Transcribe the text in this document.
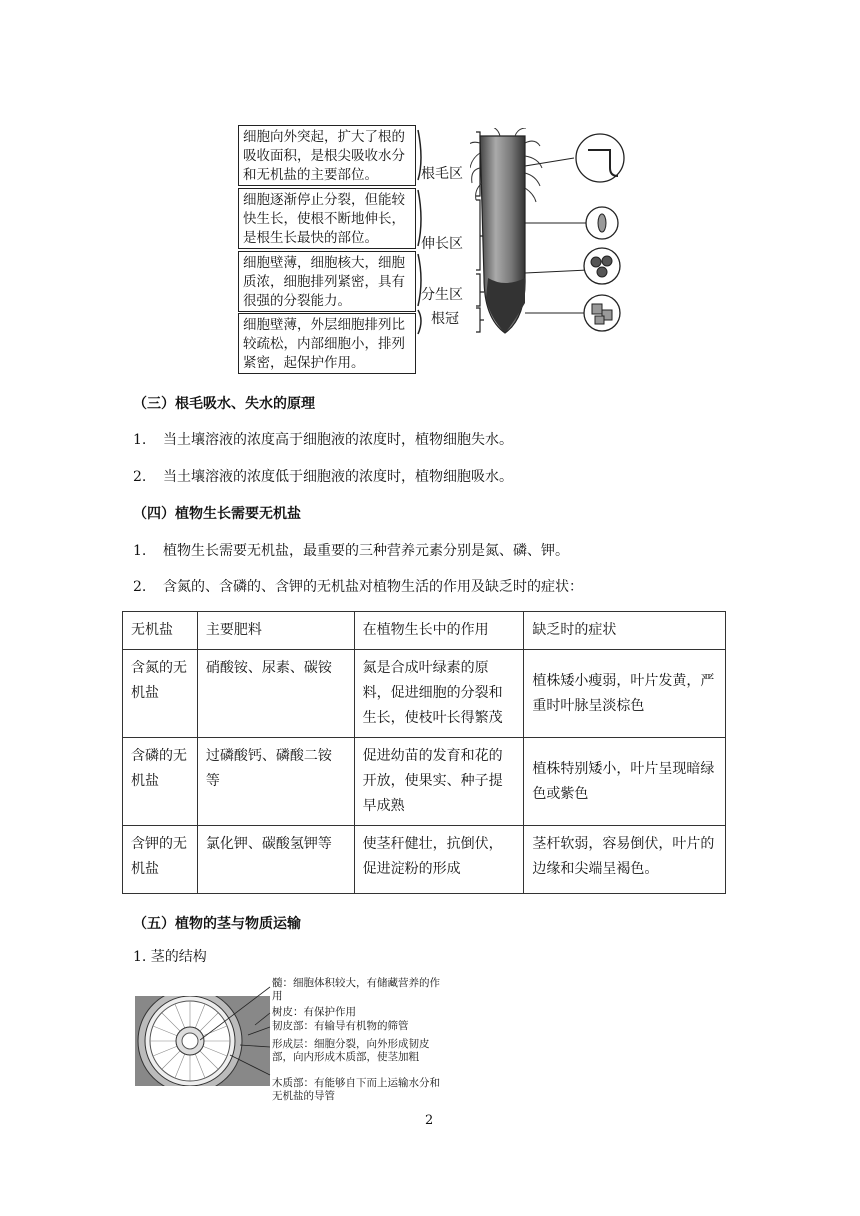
细胞向外突起，扩大了根的吸收面积，是根尖吸收水分和无机盐的主要部位。
细胞逐渐停止分裂，但能较快生长，使根不断地伸长，是根生长最快的部位。
细胞壁薄，细胞核大，细胞质浓，细胞排列紧密，具有很强的分裂能力。
细胞壁薄，外层细胞排列比较疏松，内部细胞小，排列紧密，起保护作用。
根毛区
伸长区
分生区
根冠
（三）根毛吸水、失水的原理
1. 当土壤溶液的浓度高于细胞液的浓度时，植物细胞失水。
2. 当土壤溶液的浓度低于细胞液的浓度时，植物细胞吸水。
（四）植物生长需要无机盐
1. 植物生长需要无机盐，最重要的三种营养元素分别是氮、磷、钾。
2. 含氮的、含磷的、含钾的无机盐对植物生活的作用及缺乏时的症状：
无机盐	主要肥料	在植物生长中的作用	缺乏时的症状
含氮的无机盐	硝酸铵、尿素、碳铵	氮是合成叶绿素的原料，促进细胞的分裂和生长，使枝叶长得繁茂	植株矮小瘦弱，叶片发黄，严重时叶脉呈淡棕色
含磷的无机盐	过磷酸钙、磷酸二铵等	促进幼苗的发育和花的开放，使果实、种子提早成熟	植株特别矮小，叶片呈现暗绿色或紫色
含钾的无机盐	氯化钾、碳酸氢钾等	使茎秆健壮，抗倒伏，促进淀粉的形成	茎杆软弱，容易倒伏，叶片的边缘和尖端呈褐色。
（五）植物的茎与物质运输
1. 茎的结构
髓：细胞体积较大，有储藏营养的作用
树皮：有保护作用
韧皮部：有输导有机物的筛管
形成层：细胞分裂，向外形成韧皮部，向内形成木质部，使茎加粗
木质部：有能够自下而上运输水分和无机盐的导管
2
